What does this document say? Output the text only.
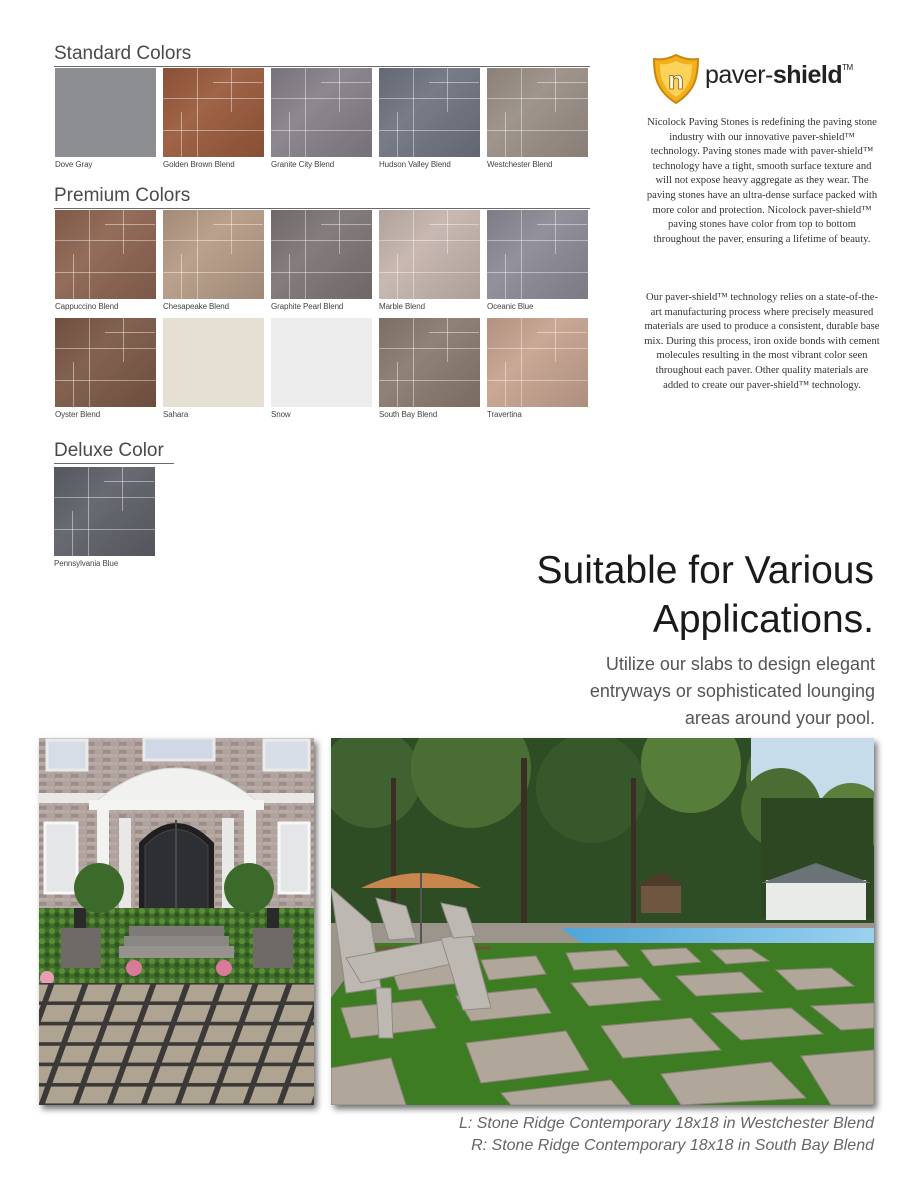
Standard Colors
Premium Colors
Deluxe Color
Dove Gray	Golden Brown Blend	Granite City Blend	Hudson Valley Blend	Westchester Blend
Cappuccino Blend	Chesapeake Blend	Graphite Pearl Blend	Marble Blend	Oceanic Blue
Oyster Blend	Sahara	Snow	South Bay Blend	Travertina
Pennsylvania Blue
n paver-shield™
Nicolock Paving Stones is redefining the paving stone industry with our innovative paver-shield™ technology. Paving stones made with paver-shield™ technology have a tight, smooth surface texture and will not expose heavy aggregate as they wear. The paving stones have an ultra-dense surface packed with more color and protection. Nicolock paver-shield™ paving stones have color from top to bottom throughout the paver, ensuring a lifetime of beauty.
Our paver-shield™ technology relies on a state-of-the-art manufacturing process where precisely measured materials are used to produce a consistent, durable base mix. During this process, iron oxide bonds with cement molecules resulting in the most vibrant color seen throughout each paver. Other quality materials are added to create our paver-shield™ technology.
Suitable for Various
Applications.
Utilize our slabs to design elegant
entryways or sophisticated lounging
areas around your pool.
L: Stone Ridge Contemporary 18x18 in Westchester Blend
R: Stone Ridge Contemporary 18x18 in South Bay Blend
